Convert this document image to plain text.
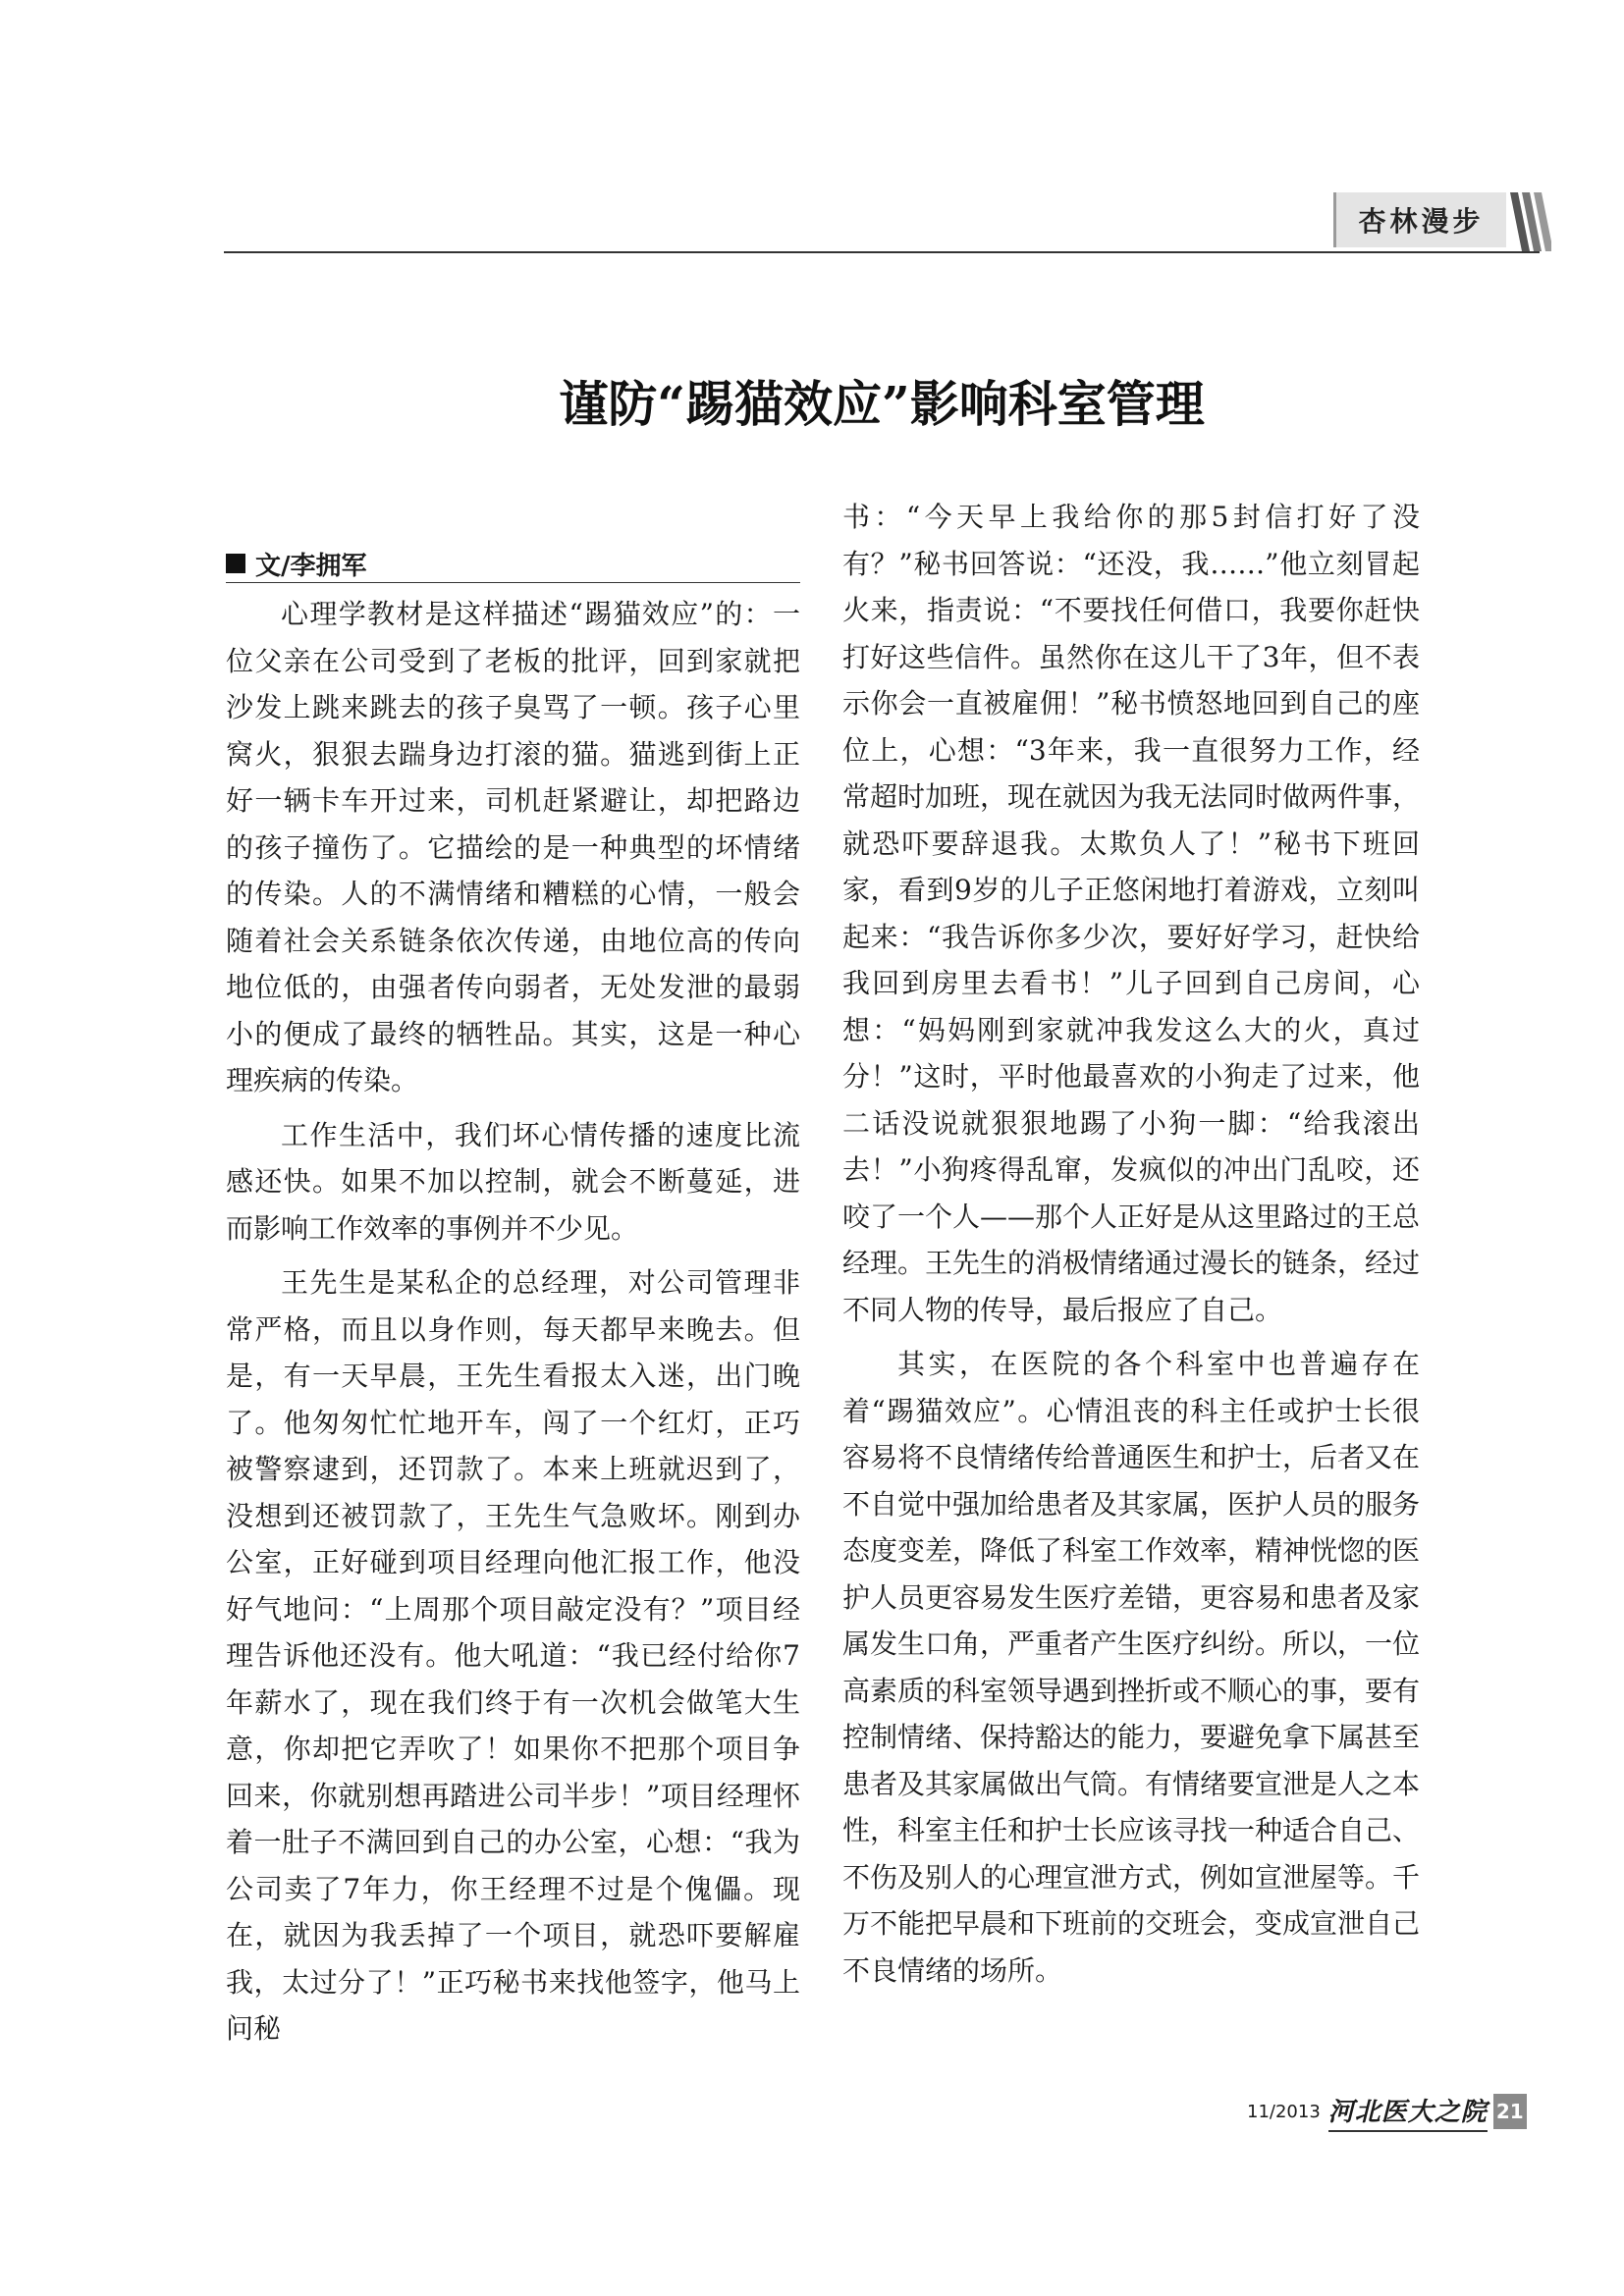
杏林漫步
谨防“踢猫效应”影响科室管理
文/李拥军

心理学教材是这样描述“踢猫效应”的：一位父亲在公司受到了老板的批评，回到家就把沙发上跳来跳去的孩子臭骂了一顿。孩子心里窝火，狠狠去踹身边打滚的猫。猫逃到街上正好一辆卡车开过来，司机赶紧避让，却把路边的孩子撞伤了。它描绘的是一种典型的坏情绪的传染。人的不满情绪和糟糕的心情，一般会随着社会关系链条依次传递，由地位高的传向地位低的，由强者传向弱者，无处发泄的最弱小的便成了最终的牺牲品。其实，这是一种心理疾病的传染。

工作生活中，我们坏心情传播的速度比流感还快。如果不加以控制，就会不断蔓延，进而影响工作效率的事例并不少见。

王先生是某私企的总经理，对公司管理非常严格，而且以身作则，每天都早来晚去。但是，有一天早晨，王先生看报太入迷，出门晚了。他匆匆忙忙地开车，闯了一个红灯，正巧被警察逮到，还罚款了。本来上班就迟到了，没想到还被罚款了，王先生气急败坏。刚到办公室，正好碰到项目经理向他汇报工作，他没好气地问：“上周那个项目敲定没有？”项目经理告诉他还没有。他大吼道：“我已经付给你7年薪水了，现在我们终于有一次机会做笔大生意，你却把它弄吹了！如果你不把那个项目争回来，你就别想再踏进公司半步！”项目经理怀着一肚子不满回到自己的办公室，心想：“我为公司卖了7年力，你王经理不过是个傀儡。现在，就因为我丢掉了一个项目，就恐吓要解雇我，太过分了！”正巧秘书来找他签字，他马上问秘

书：“今天早上我给你的那5封信打好了没有？”秘书回答说：“还没，我……”他立刻冒起火来，指责说：“不要找任何借口，我要你赶快打好这些信件。虽然你在这儿干了3年，但不表示你会一直被雇佣！”秘书愤怒地回到自己的座位上，心想：“3年来，我一直很努力工作，经常超时加班，现在就因为我无法同时做两件事，就恐吓要辞退我。太欺负人了！”秘书下班回家，看到9岁的儿子正悠闲地打着游戏，立刻叫起来：“我告诉你多少次，要好好学习，赶快给我回到房里去看书！”儿子回到自己房间，心想：“妈妈刚到家就冲我发这么大的火，真过分！”这时，平时他最喜欢的小狗走了过来，他二话没说就狠狠地踢了小狗一脚：“给我滚出去！”小狗疼得乱窜，发疯似的冲出门乱咬，还咬了一个人——那个人正好是从这里路过的王总经理。王先生的消极情绪通过漫长的链条，经过不同人物的传导，最后报应了自己。

其实，在医院的各个科室中也普遍存在着“踢猫效应”。心情沮丧的科主任或护士长很容易将不良情绪传给普通医生和护士，后者又在不自觉中强加给患者及其家属，医护人员的服务态度变差，降低了科室工作效率，精神恍惚的医护人员更容易发生医疗差错，更容易和患者及家属发生口角，严重者产生医疗纠纷。所以，一位高素质的科室领导遇到挫折或不顺心的事，要有控制情绪、保持豁达的能力，要避免拿下属甚至患者及其家属做出气筒。有情绪要宣泄是人之本性，科室主任和护士长应该寻找一种适合自己、不伤及别人的心理宣泄方式，例如宣泄屋等。千万不能把早晨和下班前的交班会，变成宣泄自己不良情绪的场所。

11/2013 河北医大之院 21
